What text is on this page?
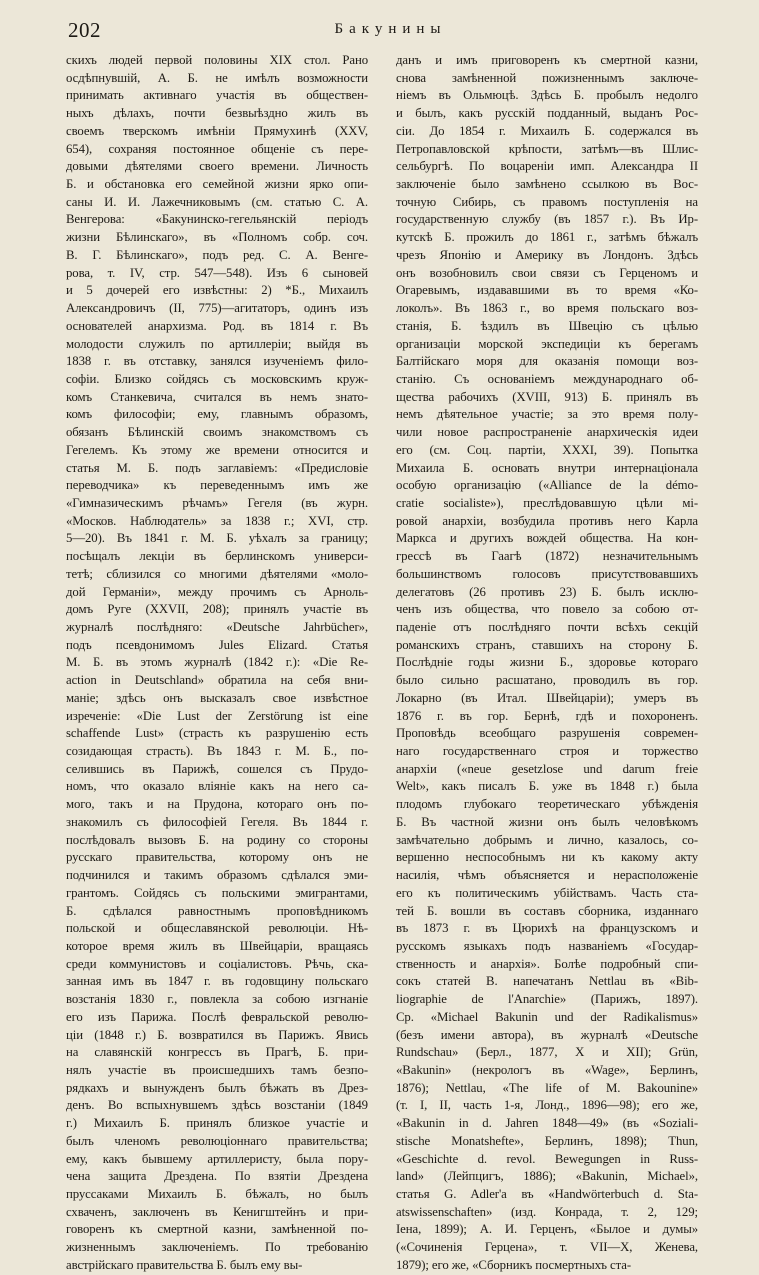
202	Бакунины
скихъ людей первой половины XIX стол. Рано
осдѣпнувшій, А. Б. не имѣлъ возможности
принимать активнаго участія въ обществен-
ныхъ дѣлахъ, почти безвыѣздно жилъ въ
своемъ тверскомъ имѣніи Прямухинѣ (XXV,
654), сохраняя постоянное общеніе съ пере-
довыми дѣятелями своего времени. Личность
Б. и обстановка его семейной жизни ярко опи-
саны И. И. Лажечниковымъ (см. статью С. А.
Венгерова: «Бакунинско-гегельянскій періодъ
жизни Бѣлинскаго», въ «Полномъ собр. соч.
В. Г. Бѣлинскаго», подъ ред. С. А. Венге-
рова, т. IV, стр. 547—548). Изъ 6 сыновей
и 5 дочерей его извѣстны: 2) *Б., Михаилъ
Александровичъ (II, 775)—агитаторъ, одинъ изъ
основателей анархизма. Род. въ 1814 г. Въ
молодости служилъ по артиллеріи; выйдя въ
1838 г. въ отставку, занялся изученіемъ фило-
софіи. Близко сойдясь съ московскимъ круж-
комъ Станкевича, считался въ немъ знато-
комъ философіи; ему, главнымъ образомъ,
обязанъ Бѣлинскій своимъ знакомствомъ съ
Гегелемъ. Къ этому же времени относится и
статья М. Б. подъ заглавіемъ: «Предисловіе
переводчика» къ переведеннымъ имъ же
«Гимназическимъ рѣчамъ» Гегеля (въ журн.
«Москов. Наблюдатель» за 1838 г.; XVI, стр.
5—20). Въ 1841 г. М. Б. уѣхалъ за границу;
посѣщалъ лекціи въ берлинскомъ универси-
тетѣ; сблизился со многими дѣятелями «моло-
дой Германіи», между прочимъ съ Арноль-
домъ Руге (XXVII, 208); принялъ участіе въ
журналѣ послѣдняго: «Deutsche Jahrbücher»,
подъ псевдонимомъ Jules Elizard. Статья
М. Б. въ этомъ журналѣ (1842 г.): «Die Re-
action in Deutschland» обратила на себя вни-
маніе; здѣсь онъ высказалъ свое извѣстное
изреченіе: «Die Lust der Zerstörung ist eine
schaffende Lust» (страсть къ разрушенію есть
созидающая страсть). Въ 1843 г. М. Б., по-
селившись въ Парижѣ, сошелся съ Прудо-
номъ, что оказало вліяніе какъ на него са-
мого, такъ и на Прудона, котораго онъ по-
знакомилъ съ философіей Гегеля. Въ 1844 г.
послѣдовалъ вызовъ Б. на родину со стороны
русскаго правительства, которому онъ не
подчинился и такимъ образомъ сдѣлался эми-
грантомъ. Сойдясь съ польскими эмигрантами,
Б. сдѣлался равностнымъ проповѣдникомъ
польской и общеславянской революціи. Нѣ-
которое время жилъ въ Швейцаріи, вращаясь
среди коммунистовъ и соціалистовъ. Рѣчь, ска-
занная имъ въ 1847 г. въ годовщину польскаго
возстанія 1830 г., повлекла за собою изгнаніе
его изъ Парижа. Послѣ февральской револю-
ціи (1848 г.) Б. возвратился въ Парижъ. Явись
на славянскій конгрессъ въ Прагѣ, Б. при-
нялъ участіе въ происшедшихъ тамъ безпо-
рядкахъ и вынужденъ былъ бѣжать въ Дрез-
денъ. Во вспыхнувшемъ здѣсь возстаніи (1849
г.) Михаилъ Б. принялъ близкое участіе и
былъ членомъ революціоннаго правительства;
ему, какъ бывшему артиллеристу, была пору-
чена защита Дрездена. По взятіи Дрездена
пруссаками Михаилъ Б. бѣжалъ, но былъ
схваченъ, заключенъ въ Кенигштейнъ и при-
говоренъ къ смертной казни, замѣненной по-
жизненнымъ заключеніемъ. По требованію
австрійскаго правительства Б. былъ ему вы-
данъ и имъ приговоренъ къ смертной казни,
снова замѣненной пожизненнымъ заключе-
ніемъ въ Ольмюцѣ. Здѣсь Б. пробылъ недолго
и былъ, какъ русскій подданный, выданъ Рос-
сіи. До 1854 г. Михаилъ Б. содержался въ
Петропавловской крѣпости, затѣмъ—въ Шлис-
сельбургѣ. По воцареніи имп. Александра II
заключеніе было замѣнено ссылкою въ Вос-
точную Сибирь, съ правомъ поступленія на
государственную службу (въ 1857 г.). Въ Ир-
кутскѣ Б. прожилъ до 1861 г., затѣмъ бѣжалъ
чрезъ Японію и Америку въ Лондонъ. Здѣсь
онъ возобновилъ свои связи съ Герценомъ и
Огаревымъ, издававшими въ то время «Ко-
локолъ». Въ 1863 г., во время польскаго воз-
станія, Б. ѣздилъ въ Швецію съ цѣлью
организаціи морской экспедиціи къ берегамъ
Балтійскаго моря для оказанія помощи воз-
станію. Съ основаніемъ международнаго об-
щества рабочихъ (XVIII, 913) Б. принялъ въ
немъ дѣятельное участіе; за это время полу-
чили новое распространеніе анархическія идеи
его (см. Соц. партіи, XXXI, 39). Попытка
Михаила Б. основать внутри интернаціонала
особую организацію («Alliance de la démo-
cratie socialiste»), преслѣдовавшую цѣли мі-
ровой анархіи, возбудила противъ него Карла
Маркса и другихъ вождей общества. На кон-
грессѣ въ Гаагѣ (1872) незначительнымъ
большинствомъ голосовъ присутствовавшихъ
делегатовъ (26 противъ 23) Б. былъ исклю-
ченъ изъ общества, что повело за собою от-
паденіе отъ послѣдняго почти всѣхъ секцій
романскихъ странъ, ставшихъ на сторону Б.
Послѣдніе годы жизни Б., здоровье котораго
было сильно расшатано, проводилъ въ гор.
Локарно (въ Итал. Швейцаріи); умеръ въ
1876 г. въ гор. Бернѣ, гдѣ и похороненъ.
Проповѣдь всеобщаго разрушенія современ-
наго государственнаго строя и торжество
анархіи («neue gesetzlose und darum freie
Welt», какъ писалъ Б. уже въ 1848 г.) была
плодомъ глубокаго теоретическаго убѣжденія
Б. Въ частной жизни онъ былъ человѣкомъ
замѣчательно добрымъ и лично, казалось, со-
вершенно неспособнымъ ни къ какому акту
насилія, чѣмъ объясняется и нерасположеніе
его къ политическимъ убійствамъ. Часть ста-
тей Б. вошли въ составъ сборника, изданнаго
въ 1873 г. въ Цюрихѣ на французскомъ и
русскомъ языкахъ подъ названіемъ «Государ-
ственность и анархія». Болѣе подробный спи-
сокъ статей В. напечатанъ Nettlau въ «Bib-
liographie de l'Anarchie» (Парижъ, 1897).
Ср. «Michael Bakunin und der Radikalismus»
(безъ имени автора), въ журналѣ «Deutsche
Rundschau» (Берл., 1877, X и XII); Grün,
«Bakunin» (некрологъ въ «Wage», Берлинъ,
1876); Nettlau, «The life of M. Bakounine»
(т. I, II, часть 1-я, Лонд., 1896—98); его же,
«Bakunin in d. Jahren 1848—49» (въ «Soziali-
stische Monatshefte», Берлинъ, 1898); Thun,
«Geschichte d. revol. Bewegungen in Russ-
land» (Лейпцигъ, 1886); «Bakunin, Michael»,
статья G. Adler'а въ «Handwörterbuch d. Sta-
atswissenschaften» (изд. Конрада, т. 2, 129;
Іена, 1899); А. И. Герценъ, «Былое и думы»
(«Сочиненія Герцена», т. VII—X, Женева,
1879); его же, «Сборникъ посмертныхъ ста-
